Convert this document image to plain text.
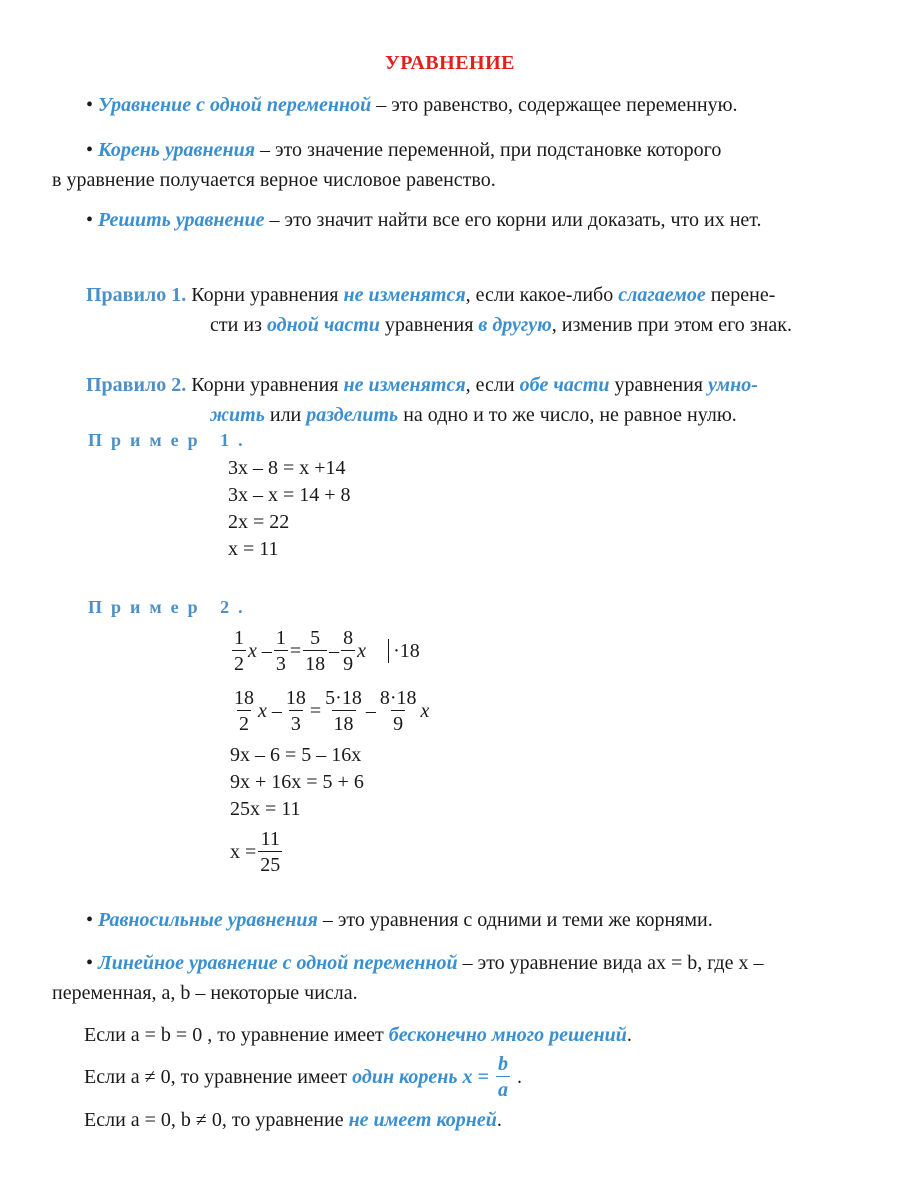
УРАВНЕНИЕ
• Уравнение с одной переменной – это равенство, содержащее переменную.
• Корень уравнения – это значение переменной, при подстановке которого
в уравнение получается верное числовое равенство.
• Решить уравнение – это значит найти все его корни или доказать, что их нет.
Правило 1. Корни уравнения не изменятся, если какое-либо слагаемое перене-
сти из одной части уравнения в другую, изменив при этом его знак.
Правило 2. Корни уравнения не изменятся, если обе части уравнения умно-
жить или разделить на одно и то же число, не равное нулю.
Пример 1.
3x – 8 = x +14
3x – x = 14 + 8
2x = 22
x = 11
Пример 2.
$\frac{1}{2}$ x
– $\frac{1}{3} = \frac{5}{18} - \frac{8}{9}$ x ·18
$\frac{18}{2}$ x
– $\frac{18}{3} = \frac{5\cdot 18}{18} - \frac{8\cdot 18}{9}$ x
9x – 6 = 5 – 16x
9x + 16x = 5 + 6
25x = 11
$x = \frac{11}{25}$
• Равносильные уравнения – это уравнения с одними и теми же корнями.
• Линейное уравнение с одной переменной – это уравнение вида ax = b, где x –
переменная, a, b – некоторые числа.
Если a = b = 0 , то уравнение имеет бесконечно много решений.
Если a ≠ 0, то уравнение имеет один корень $x = \frac{b}{a}$ .
Если a = 0, b ≠ 0, то уравнение не имеет корней.
